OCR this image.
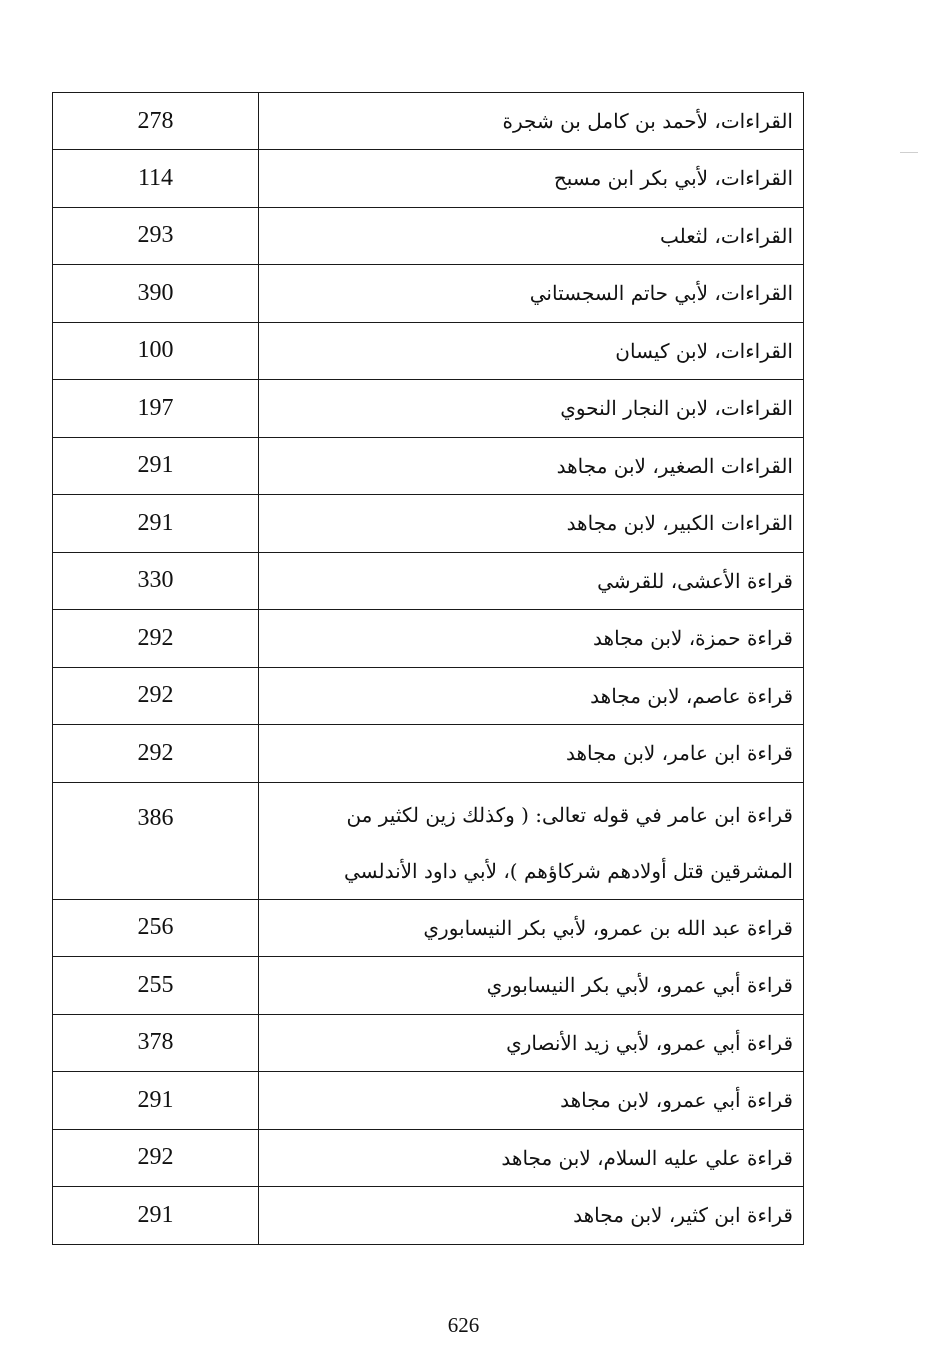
278	القراءات، لأحمد بن كامل بن شجرة
114	القراءات، لأبي بكر ابن مسبح
293	القراءات، لثعلب
390	القراءات، لأبي حاتم السجستاني
100	القراءات، لابن كيسان
197	القراءات، لابن النجار النحوي
291	القراءات الصغير، لابن مجاهد
291	القراءات الكبير، لابن مجاهد
330	قراءة الأعشى، للقرشي
292	قراءة حمزة، لابن مجاهد
292	قراءة عاصم، لابن مجاهد
292	قراءة ابن عامر، لابن مجاهد
386	قراءة ابن عامر في قوله تعالى: ( وكذلك زين لكثير من المشرقين قتل أولادهم شركاؤهم )، لأبي داود الأندلسي
256	قراءة عبد الله بن عمرو، لأبي بكر النيسابوري
255	قراءة أبي عمرو، لأبي بكر النيسابوري
378	قراءة أبي عمرو، لأبي زيد الأنصاري
291	قراءة أبي عمرو، لابن مجاهد
292	قراءة علي عليه السلام، لابن مجاهد
291	قراءة ابن كثير، لابن مجاهد
626
